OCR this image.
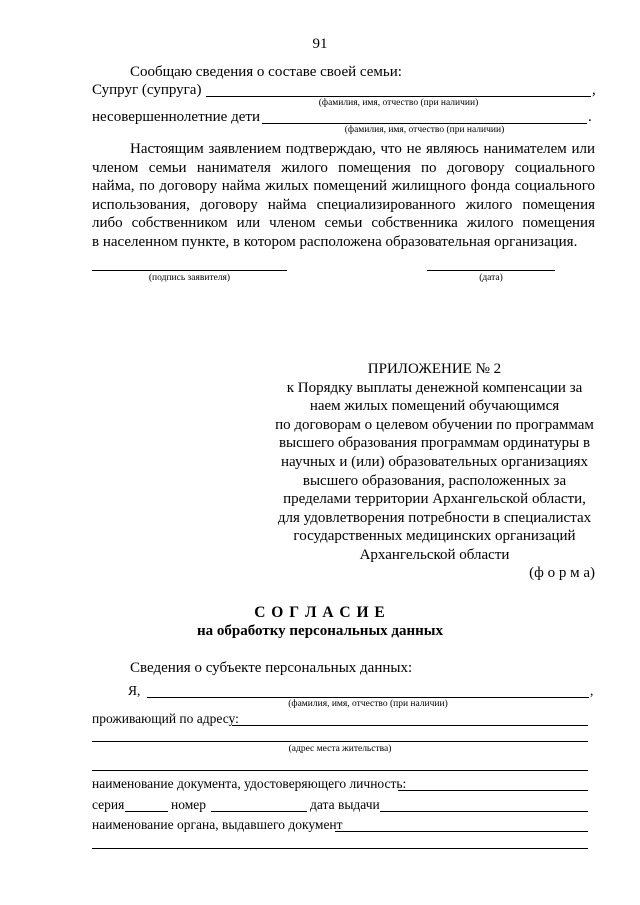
91
Сообщаю сведения о составе своей семьи:
Супруг (супруга)	,
(фамилия, имя, отчество (при наличии)
несовершеннолетние дети	.
(фамилия, имя, отчество (при наличии)
Настоящим заявлением подтверждаю, что не являюсь нанимателем или
членом семьи нанимателя жилого помещения по договору социального
найма, по договору найма жилых помещений жилищного фонда социального
использования, договору найма специализированного жилого помещения
либо собственником или членом семьи собственника жилого помещения
в населенном пункте, в котором расположена образовательная организация.
(подпись заявителя)	(дата)
ПРИЛОЖЕНИЕ № 2
к Порядку выплаты денежной компенсации за
наем жилых помещений обучающимся
по договорам о целевом обучении по программам
высшего образования программам ординатуры в
научных и (или) образовательных организациях
высшего образования, расположенных за
пределами территории Архангельской области,
для удовлетворения потребности в специалистах
государственных медицинских организаций
Архангельской области
(ф о р м а)
С О Г Л А С И Е
на обработку персональных данных
Сведения о субъекте персональных данных:
Я,	,
(фамилия, имя, отчество (при наличии)
проживающий по адресу:
(адрес места жительства)
наименование документа, удостоверяющего личность:
серия	номер	дата выдачи
наименование органа, выдавшего документ
